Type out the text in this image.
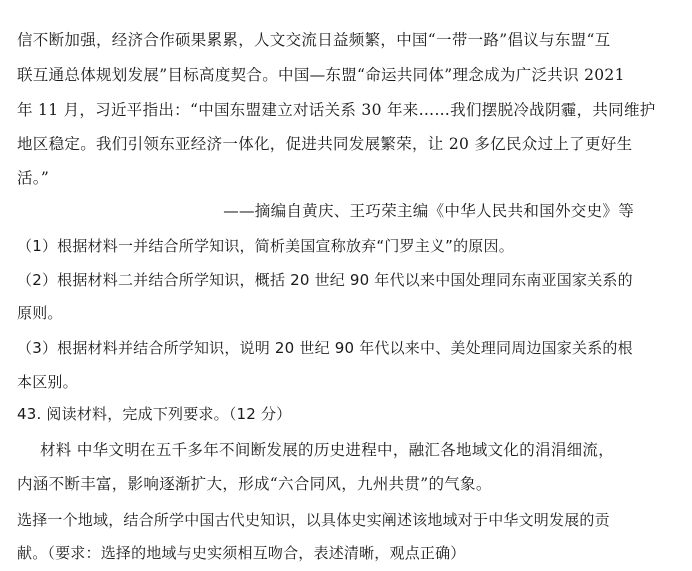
信不断加强，经济合作硕果累累，人文交流日益频繁，中国“一带一路”倡议与东盟“互
联互通总体规划发展”目标高度契合。中国—东盟“命运共同体”理念成为广泛共识 2021
年 11 月，习近平指出：“中国东盟建立对话关系 30 年来……我们摆脱冷战阴霾，共同维护
地区稳定。我们引领东亚经济一体化，促进共同发展繁荣，让 20 多亿民众过上了更好生
活。”
——摘编自黄庆、王巧荣主编《中华人民共和国外交史》等
（1）根据材料一并结合所学知识，简析美国宣称放弃“门罗主义”的原因。
（2）根据材料二并结合所学知识，概括 20 世纪 90 年代以来中国处理同东南亚国家关系的
原则。
（3）根据材料并结合所学知识，说明 20 世纪 90 年代以来中、美处理同周边国家关系的根
本区别。
43. 阅读材料，完成下列要求。（12 分）
材料 中华文明在五千多年不间断发展的历史进程中，融汇各地域文化的涓涓细流，
内涵不断丰富，影响逐渐扩大，形成“六合同风，九州共贯”的气象。
选择一个地域，结合所学中国古代史知识，以具体史实阐述该地域对于中华文明发展的贡
献。（要求：选择的地域与史实须相互吻合，表述清晰，观点正确）
